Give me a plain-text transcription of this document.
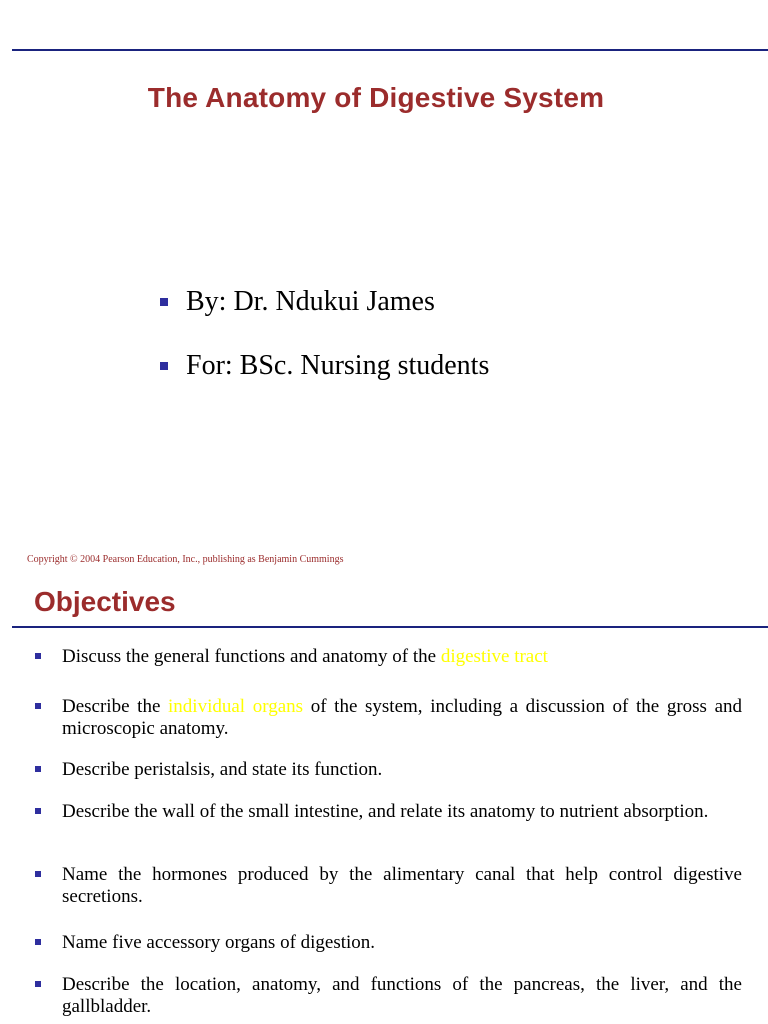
The Anatomy of Digestive System
By: Dr. Ndukui James
For: BSc. Nursing students

Copyright © 2004 Pearson Education, Inc., publishing as Benjamin Cummings

Objectives
Discuss the general functions and anatomy of the digestive tract
Describe the individual organs of the system, including a discussion of the gross and microscopic anatomy.
Describe peristalsis, and state its function.
Describe the wall of the small intestine, and relate its anatomy to nutrient absorption.
Name the hormones produced by the alimentary canal that help control digestive secretions.
Name five accessory organs of digestion.
Describe the location, anatomy, and functions of the pancreas, the liver, and the gallbladder.
